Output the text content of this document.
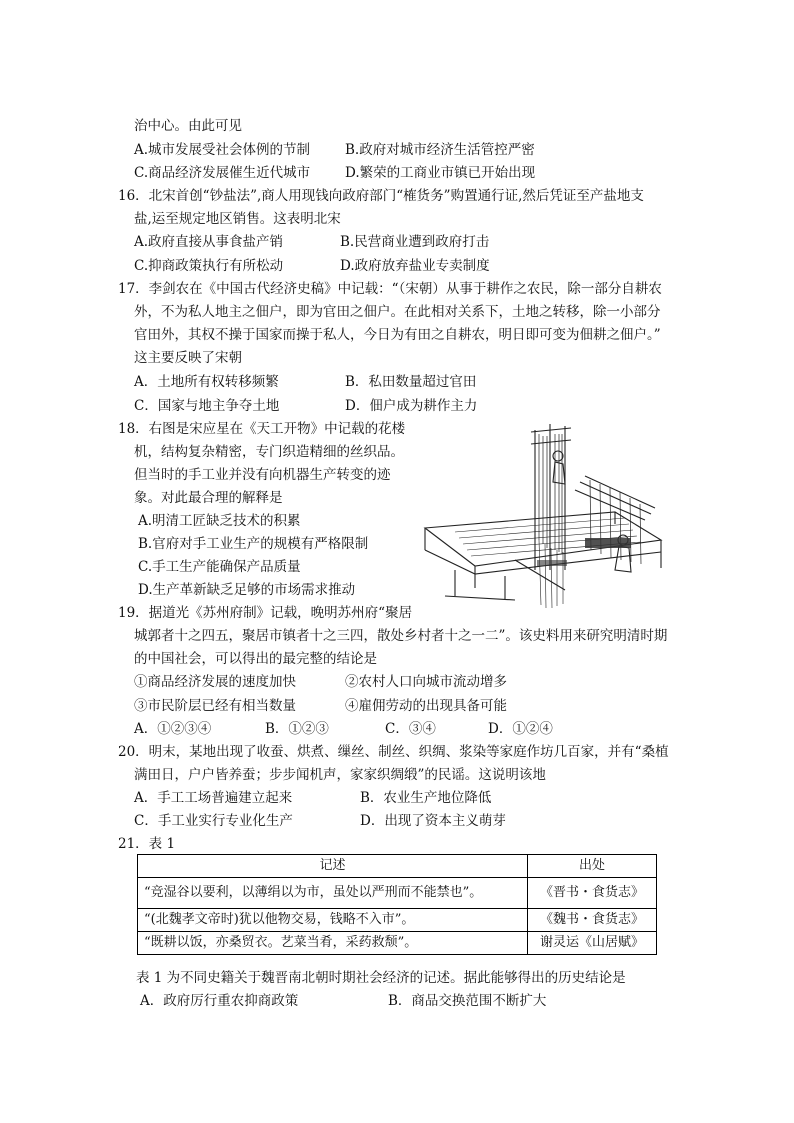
治中心。由此可见
A.城市发展受社会体例的节制	B.政府对城市经济生活管控严密
C.商品经济发展催生近代城市	D.繁荣的工商业市镇已开始出现
16．北宋首创“钞盐法”,商人用现钱向政府部门“榷货务”购置通行证,然后凭证至产盐地支
盐,运至规定地区销售。这表明北宋
A.政府直接从事食盐产销	B.民营商业遭到政府打击
C.抑商政策执行有所松动	D.政府放弃盐业专卖制度
17．李剑农在《中国古代经济史稿》中记载：“（宋朝）从事于耕作之农民，除一部分自耕农
外，不为私人地主之佃户，即为官田之佃户。在此相对关系下，土地之转移，除一小部分
官田外，其权不操于国家而操于私人，今日为有田之自耕农，明日即可变为佃耕之佃户。”
这主要反映了宋朝
A．土地所有权转移频繁	B．私田数量超过官田
C．国家与地主争夺土地	D．佃户成为耕作主力
18．右图是宋应星在《天工开物》中记载的花楼
机，结构复杂精密，专门织造精细的丝织品。
但当时的手工业并没有向机器生产转变的迹
象。对此最合理的解释是
A.明清工匠缺乏技术的积累
B.官府对手工业生产的规模有严格限制
C.手工生产能确保产品质量
D.生产革新缺乏足够的市场需求推动
19．据道光《苏州府制》记载，晚明苏州府“聚居
城郭者十之四五，聚居市镇者十之三四，散处乡村者十之一二”。该史料用来研究明清时期
的中国社会，可以得出的最完整的结论是
①商品经济发展的速度加快	②农村人口向城市流动增多
③市民阶层已经有相当数量	④雇佣劳动的出现具备可能
A．①②③④	B．①②③	C．③④	D．①②④
20．明末，某地出现了收蚕、烘煮、缫丝、制丝、织绸、浆染等家庭作坊几百家，并有“桑植
满田日，户户皆养蚕；步步闻机声，家家织绸缎”的民谣。这说明该地
A．手工工场普遍建立起来	B．农业生产地位降低
C．手工业实行专业化生产	D．出现了资本主义萌芽
21．表 1
记述	出处
“竞湿谷以要利，以薄绢以为市，虽处以严刑而不能禁也”。	《晋书・食货志》
“(北魏孝文帝时)犹以他物交易，钱略不入市”。	《魏书・食货志》
“既耕以饭，亦桑贸衣。艺菜当肴，采药救颓”。	谢灵运《山居赋》
表 1 为不同史籍关于魏晋南北朝时期社会经济的记述。据此能够得出的历史结论是
A．政府厉行重农抑商政策	B．商品交换范围不断扩大
